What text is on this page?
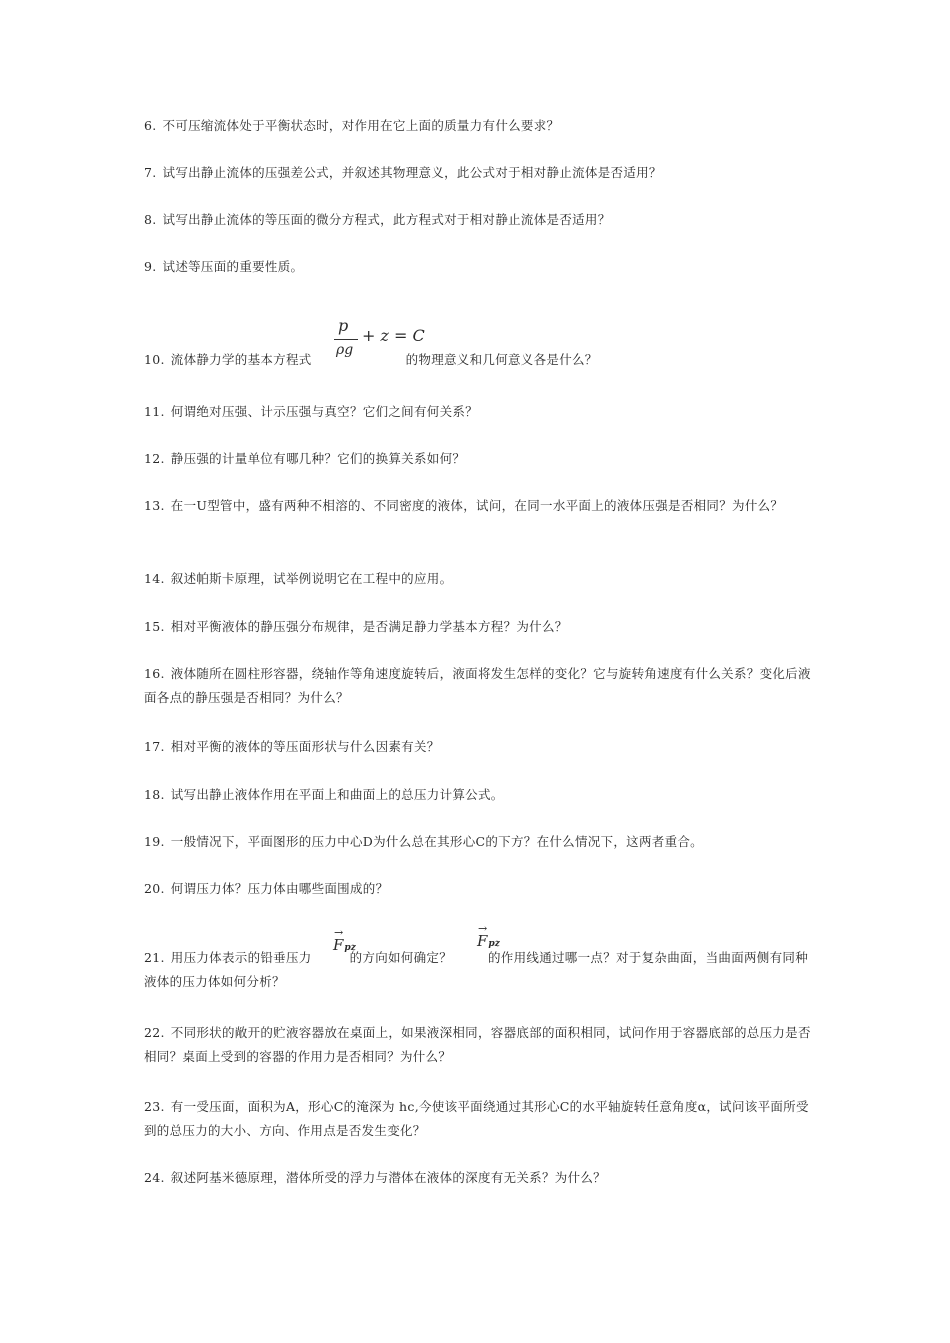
6. 不可压缩流体处于平衡状态时，对作用在它上面的质量力有什么要求？

7. 试写出静止流体的压强差公式，并叙述其物理意义，此公式对于相对静止流体是否适用？

8. 试写出静止流体的等压面的微分方程式，此方程式对于相对静止流体是否适用？

9. 试述等压面的重要性质。

p
ρg
+ z = C

10. 流体静力学的基本方程式	的物理意义和几何意义各是什么？

11. 何谓绝对压强、计示压强与真空？它们之间有何关系？

12. 静压强的计量单位有哪几种？它们的换算关系如何？

13. 在一U型管中，盛有两种不相溶的、不同密度的液体，试问，在同一水平面上的液体压强是否相同？为什么？

14. 叙述帕斯卡原理，试举例说明它在工程中的应用。

15. 相对平衡液体的静压强分布规律，是否满足静力学基本方程？为什么？

16. 液体随所在圆柱形容器，绕轴作等角速度旋转后，液面将发生怎样的变化？它与旋转角速度有什么关系？变化后液面各点的静压强是否相同？为什么？

17. 相对平衡的液体的等压面形状与什么因素有关？

18. 试写出静止液体作用在平面上和曲面上的总压力计算公式。

19. 一般情况下，平面图形的压力中心D为什么总在其形心C的下方？在什么情况下，这两者重合。

20. 何谓压力体？压力体由哪些面围成的？

→
Fpz
→
Fpz

21. 用压力体表示的铅垂压力	的方向如何确定？	的作用线通过哪一点？对于复杂曲面，当曲面两侧有同种液体的压力体如何分析？

22. 不同形状的敞开的贮液容器放在桌面上，如果液深相同，容器底部的面积相同，试问作用于容器底部的总压力是否相同？桌面上受到的容器的作用力是否相同？为什么？

23. 有一受压面，面积为A，形心C的淹深为 hc,今使该平面绕通过其形心C的水平轴旋转任意角度α，试问该平面所受到的总压力的大小、方向、作用点是否发生变化？

24. 叙述阿基米德原理，潜体所受的浮力与潜体在液体的深度有无关系？为什么？
